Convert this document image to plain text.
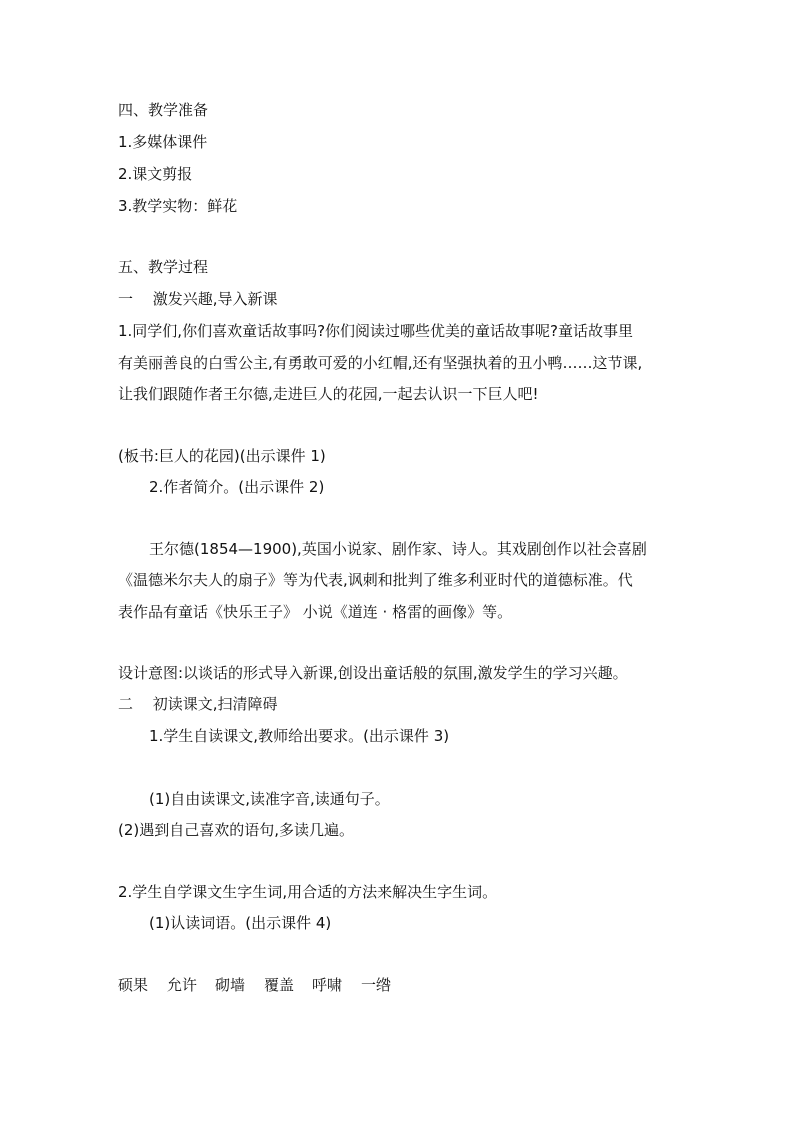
四、教学准备
1.多媒体课件
2.课文剪报
3.教学实物：鲜花
五、教学过程
一　 激发兴趣,导入新课
1.同学们,你们喜欢童话故事吗?你们阅读过哪些优美的童话故事呢?童话故事里
有美丽善良的白雪公主,有勇敢可爱的小红帽,还有坚强执着的丑小鸭……这节课,
让我们跟随作者王尔德,走进巨人的花园,一起去认识一下巨人吧!
(板书:巨人的花园)(出示课件 1)
2.作者简介。(出示课件 2)
王尔德(1854—1900),英国小说家、剧作家、诗人。其戏剧创作以社会喜剧
《温德米尔夫人的扇子》等为代表,讽刺和批判了维多利亚时代的道德标准。代
表作品有童话《快乐王子》 小说《道连 · 格雷的画像》等。
设计意图:以谈话的形式导入新课,创设出童话般的氛围,激发学生的学习兴趣。
二　 初读课文,扫清障碍
1.学生自读课文,教师给出要求。(出示课件 3)
(1)自由读课文,读准字音,读通句子。
(2)遇到自己喜欢的语句,多读几遍。
2.学生自学课文生字生词,用合适的方法来解决生字生词。
(1)认读词语。(出示课件 4)
硕果 允许 砌墙 覆盖 呼啸 一绺
